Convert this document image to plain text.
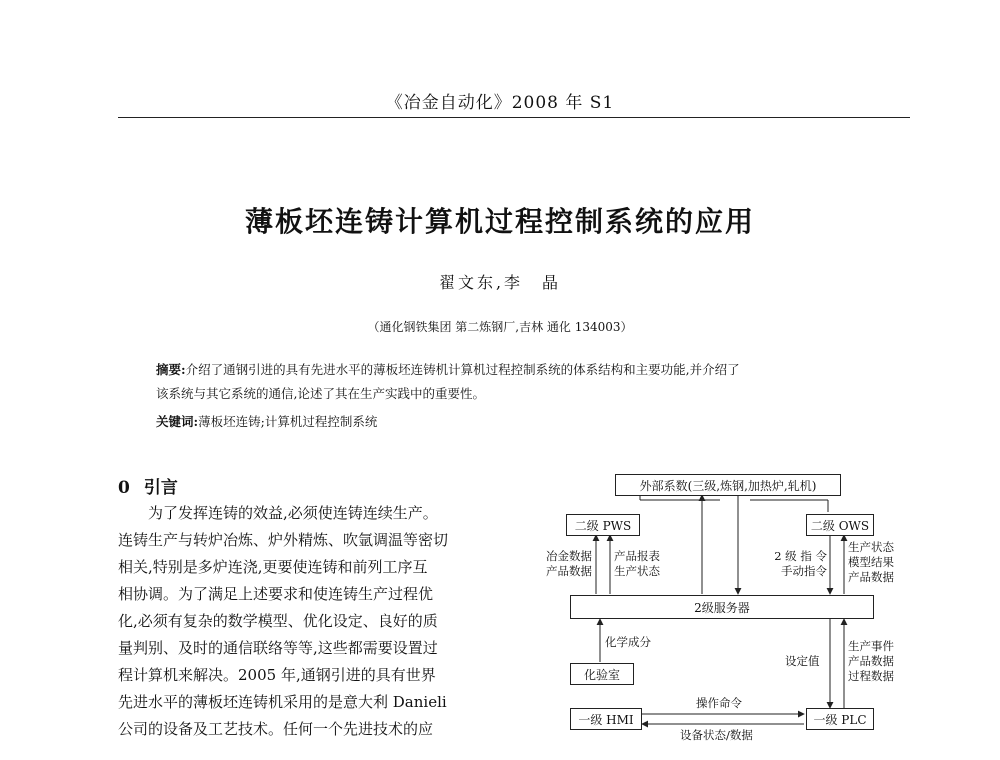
《冶金自动化》2008 年 S1
薄板坯连铸计算机过程控制系统的应用
翟文东,李　晶
（通化钢铁集团 第二炼钢厂,吉林 通化 134003）
摘要:介绍了通钢引进的具有先进水平的薄板坯连铸机计算机过程控制系统的体系结构和主要功能,并介绍了
该系统与其它系统的通信,论述了其在生产实践中的重要性。
关键词:薄板坯连铸;计算机过程控制系统
0 引言

为了发挥连铸的效益,必须使连铸连续生产。

连铸生产与转炉冶炼、炉外精炼、吹氩调温等密切

相关,特别是多炉连浇,更要使连铸和前列工序互

相协调。为了满足上述要求和使连铸生产过程优

化,必须有复杂的数学模型、优化设定、良好的质

量判别、及时的通信联络等等,这些都需要设置过

程计算机来解决。2005 年,通钢引进的具有世界

先进水平的薄板坯连铸机采用的是意大利 Danieli

公司的设备及工艺技术。任何一个先进技术的应

外部系数(三级,炼钢,加热炉,轧机)
二级 PWS	二级 OWS
2级服务器
化验室
一级 HMI	一级 PLC
冶金数据
产品数据
产品报表
生产状态
2 级 指 令
手动指令
生产状态
模型结果
产品数据
化学成分
设定值
生产事件
产品数据
过程数据
操作命令
设备状态/数据
